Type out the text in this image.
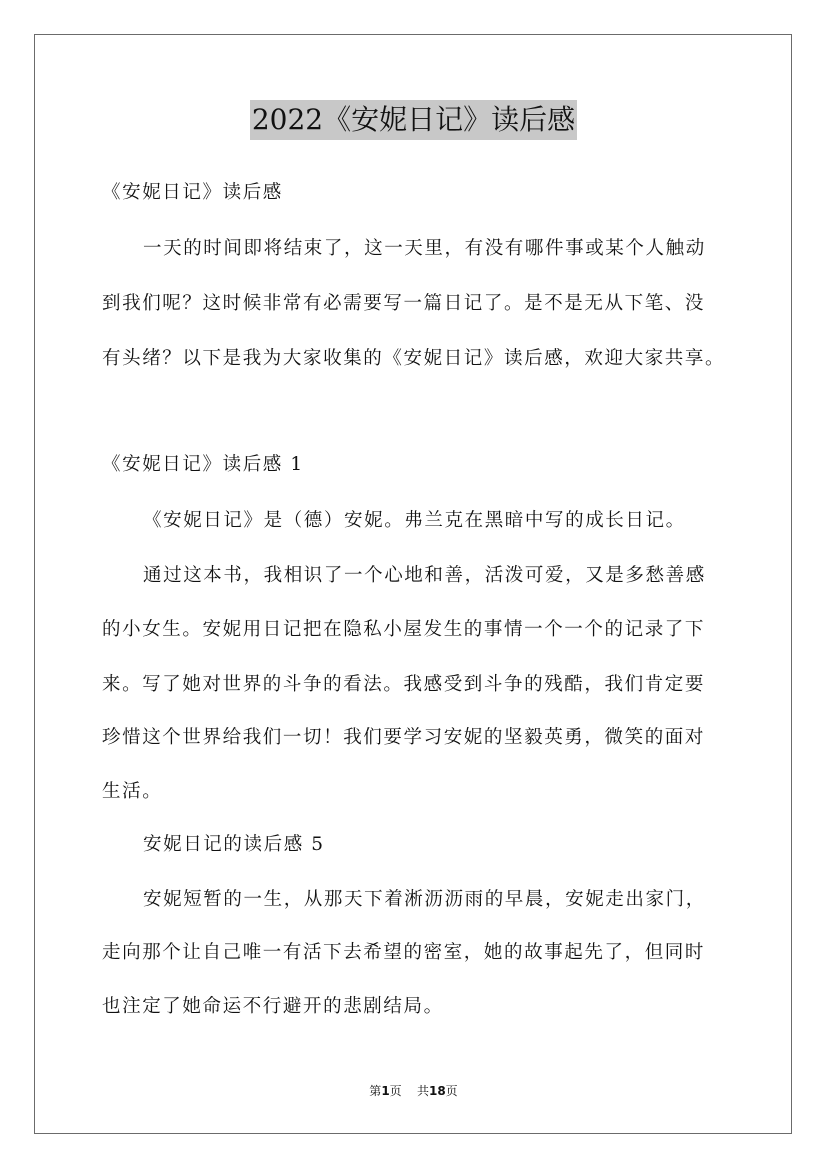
2022《安妮日记》读后感
《安妮日记》读后感
一天的时间即将结束了，这一天里，有没有哪件事或某个人触动
到我们呢？这时候非常有必需要写一篇日记了。是不是无从下笔、没
有头绪？以下是我为大家收集的《安妮日记》读后感，欢迎大家共享。
《安妮日记》读后感 1
《安妮日记》是（德）安妮。弗兰克在黑暗中写的成长日记。
通过这本书，我相识了一个心地和善，活泼可爱，又是多愁善感
的小女生。安妮用日记把在隐私小屋发生的事情一个一个的记录了下
来。写了她对世界的斗争的看法。我感受到斗争的残酷，我们肯定要
珍惜这个世界给我们一切！我们要学习安妮的坚毅英勇，微笑的面对
生活。
安妮日记的读后感 5
安妮短暂的一生，从那天下着淅沥沥雨的早晨，安妮走出家门，
走向那个让自己唯一有活下去希望的密室，她的故事起先了，但同时
也注定了她命运不行避开的悲剧结局。
第1页 共18页
